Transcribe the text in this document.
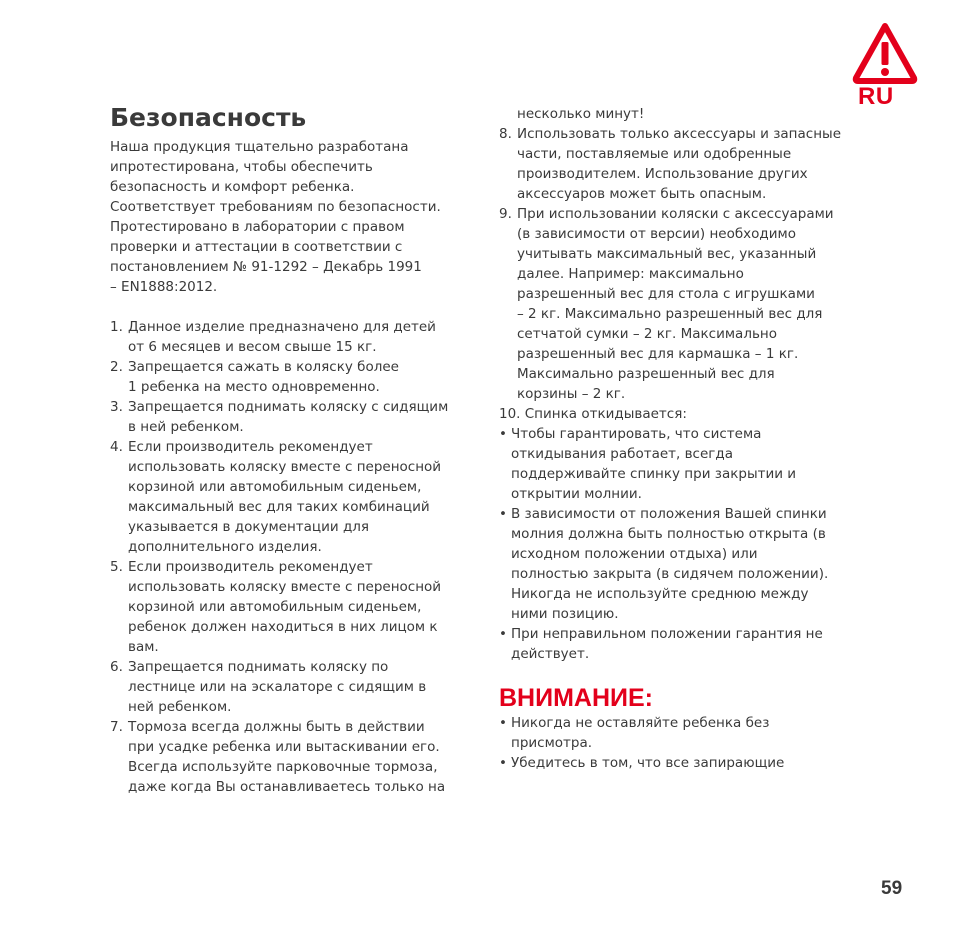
RU
Безопасность
Наша продукция тщательно разработана
ипротестирована, чтобы обеспечить
безопасность и комфорт ребенка.
Соответствует требованиям по безопасности.
Протестировано в лаборатории с правом
проверки и аттестации в соответствии с
постановлением № 91-1292 – Декабрь 1991
– EN1888:2012.
1. Данное изделие предназначено для детей
от 6 месяцев и весом свыше 15 кг.
2. Запрещается сажать в коляску более
1 ребенка на место одновременно.
3. Запрещается поднимать коляску с сидящим
в ней ребенком.
4. Если производитель рекомендует
использовать коляску вместе с переносной
корзиной или автомобильным сиденьем,
максимальный вес для таких комбинаций
указывается в документации для
дополнительного изделия.
5. Если производитель рекомендует
использовать коляску вместе с переносной
корзиной или автомобильным сиденьем,
ребенок должен находиться в них лицом к
вам.
6. Запрещается поднимать коляску по
лестнице или на эскалаторе с сидящим в
ней ребенком.
7. Тормоза всегда должны быть в действии
при усадке ребенка или вытаскивании его.
Всегда используйте парковочные тормоза,
даже когда Вы останавливаетесь только на
несколько минут!
8. Использовать только аксессуары и запасные
части, поставляемые или одобренные
производителем. Использование других
аксессуаров может быть опасным.
9. При использовании коляски с аксессуарами
(в зависимости от версии) необходимо
учитывать максимальный вес, указанный
далее. Например: максимально
разрешенный вес для стола с игрушками
– 2 кг. Максимально разрешенный вес для
сетчатой сумки – 2 кг. Максимально
разрешенный вес для кармашка – 1 кг.
Максимально разрешенный вес для
корзины – 2 кг.
10. Спинка откидывается:
• Чтобы гарантировать, что система
откидывания работает, всегда
поддерживайте спинку при закрытии и
открытии молнии.
• В зависимости от положения Вашей спинки
молния должна быть полностью открыта (в
исходном положении отдыха) или
полностью закрыта (в сидячем положении).
Никогда не используйте среднюю между
ними позицию.
• При неправильном положении гарантия не
действует.
ВНИМАНИЕ:
• Никогда не оставляйте ребенка без
присмотра.
• Убедитесь в том, что все запирающие
59
